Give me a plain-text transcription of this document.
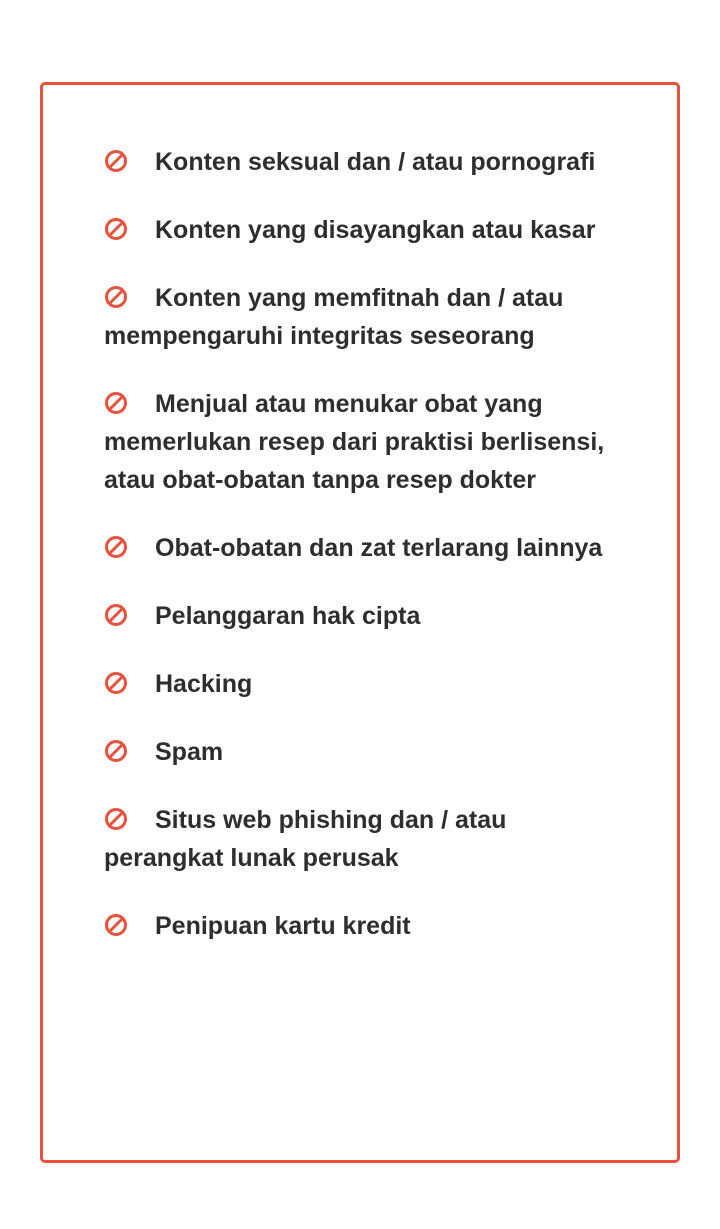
Konten seksual dan / atau pornografi
Konten yang disayangkan atau kasar
Konten yang memfitnah dan / atau mempengaruhi integritas seseorang
Menjual atau menukar obat yang memerlukan resep dari praktisi berlisensi, atau obat-obatan tanpa resep dokter
Obat-obatan dan zat terlarang lainnya
Pelanggaran hak cipta
Hacking
Spam
Situs web phishing dan / atau perangkat lunak perusak
Penipuan kartu kredit
